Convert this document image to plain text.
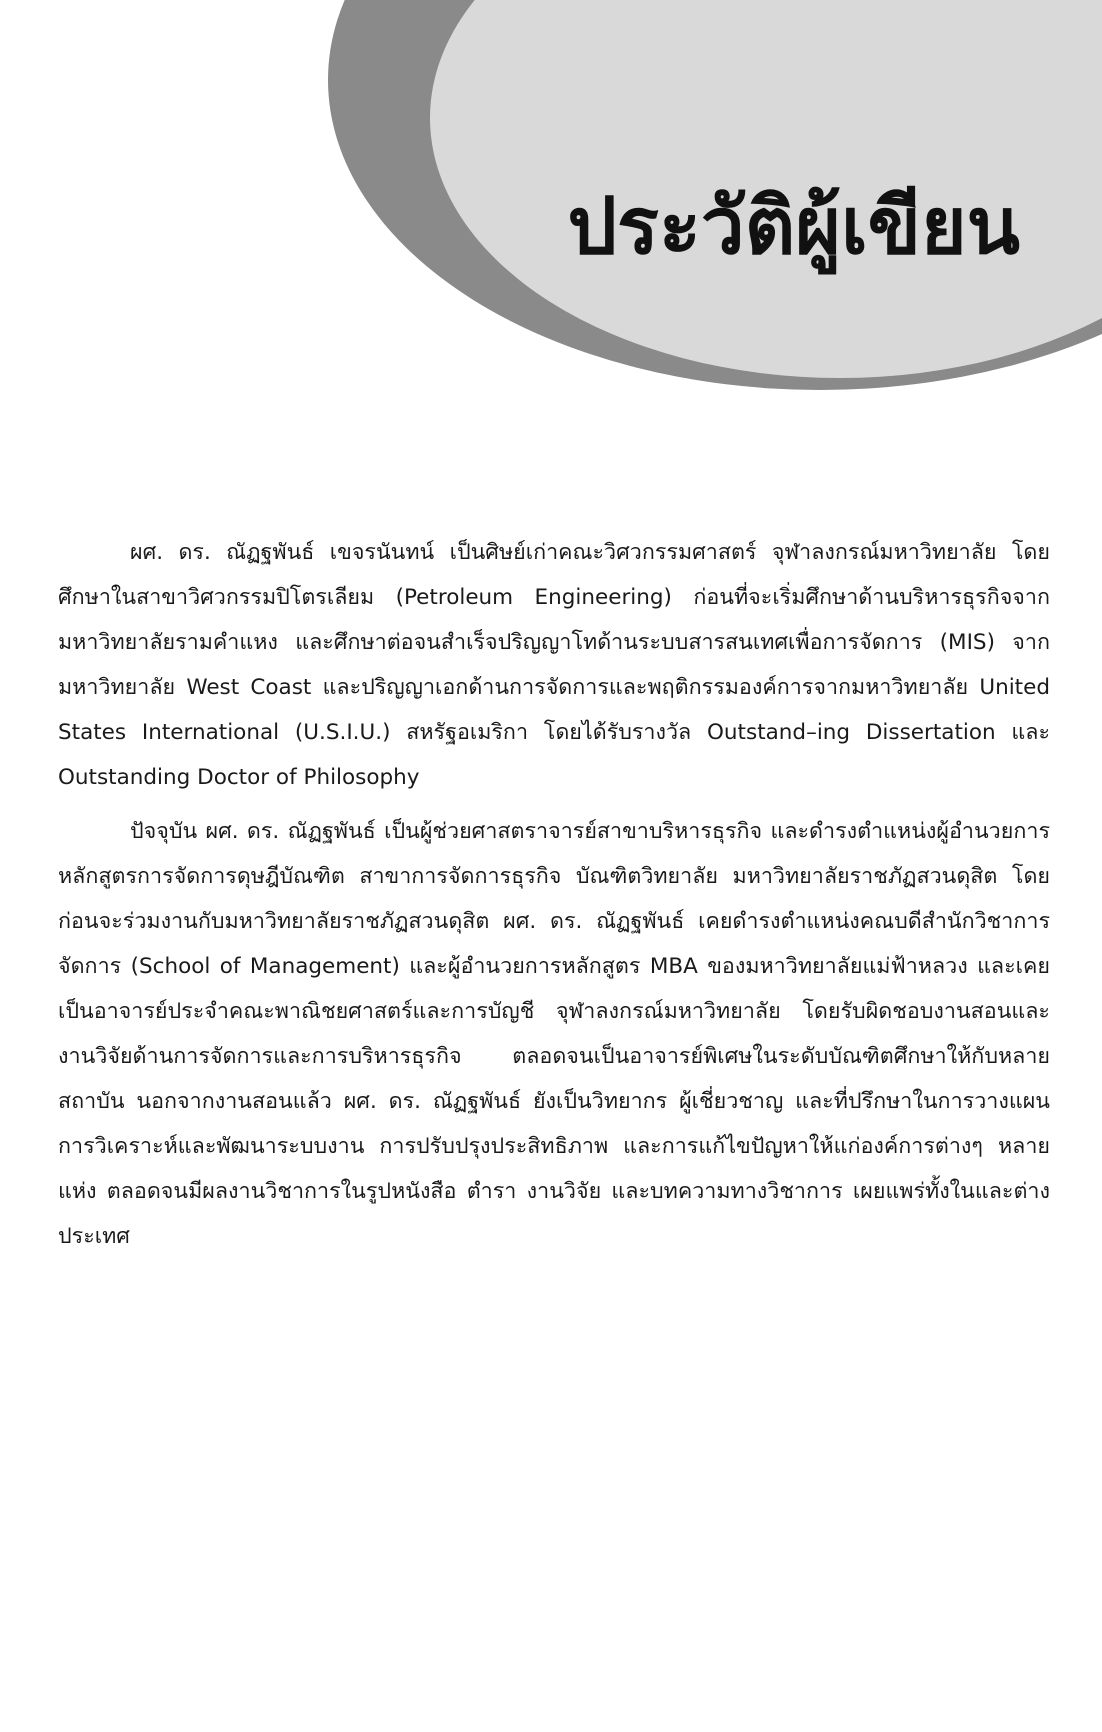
ประวัติผู้เขียน

ผศ. ดร. ณัฏฐพันธ์ เขจรนันทน์ เป็นศิษย์เก่าคณะวิศวกรรมศาสตร์ จุฬาลงกรณ์มหาวิทยาลัย โดยศึกษาในสาขาวิศวกรรมปิโตรเลียม (Petroleum Engineering) ก่อนที่จะเริ่มศึกษาด้านบริหารธุรกิจจากมหาวิทยาลัยรามคำแหง และศึกษาต่อจนสำเร็จปริญญาโทด้านระบบสารสนเทศเพื่อการจัดการ (MIS) จากมหาวิทยาลัย West Coast และปริญญาเอกด้านการจัดการและพฤติกรรมองค์การจากมหาวิทยาลัย United States International (U.S.I.U.) สหรัฐอเมริกา โดยได้รับรางวัล Outstand–ing Dissertation และ Outstanding Doctor of Philosophy

ปัจจุบัน ผศ. ดร. ณัฏฐพันธ์ เป็นผู้ช่วยศาสตราจารย์สาขาบริหารธุรกิจ และดำรงตำแหน่งผู้อำนวยการหลักสูตรการจัดการดุษฎีบัณฑิต สาขาการจัดการธุรกิจ บัณฑิตวิทยาลัย มหาวิทยาลัยราชภัฏสวนดุสิต โดยก่อนจะร่วมงานกับมหาวิทยาลัยราชภัฏสวนดุสิต ผศ. ดร. ณัฏฐพันธ์ เคยดำรงตำแหน่งคณบดีสำนักวิชาการจัดการ (School of Management) และผู้อำนวยการหลักสูตร MBA ของมหาวิทยาลัยแม่ฟ้าหลวง และเคยเป็นอาจารย์ประจำคณะพาณิชยศาสตร์และการบัญชี จุฬาลงกรณ์มหาวิทยาลัย โดยรับผิดชอบงานสอนและงานวิจัยด้านการจัดการและการบริหารธุรกิจ ตลอดจนเป็นอาจารย์พิเศษในระดับบัณฑิตศึกษาให้กับหลายสถาบัน นอกจากงานสอนแล้ว ผศ. ดร. ณัฏฐพันธ์ ยังเป็นวิทยากร ผู้เชี่ยวชาญ และที่ปรึกษาในการวางแผน การวิเคราะห์และพัฒนาระบบงาน การปรับปรุงประสิทธิภาพ และการแก้ไขปัญหาให้แก่องค์การต่างๆ หลายแห่ง ตลอดจนมีผลงานวิชาการในรูปหนังสือ ตำรา งานวิจัย และบทความทางวิชาการ เผยแพร่ทั้งในและต่างประเทศ
